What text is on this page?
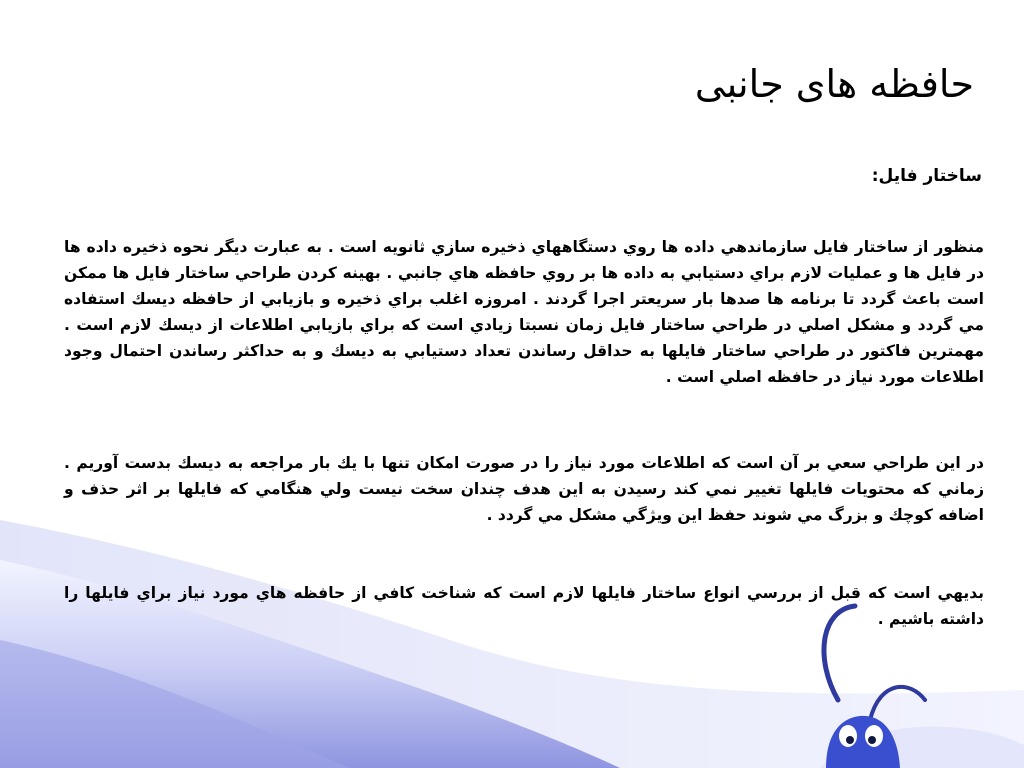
حافظه های جانبی
ساختار فایل:

منظور از ساختار فایل سازماندهي داده ها روي دستگاههاي ذخيره سازي ثانويه است . به عبارت ديگر نحوه ذخيره داده ها در فايل ها و عمليات لازم براي دستيابي به داده ها بر روي حافظه هاي جانبي . بهينه كردن طراحي ساختار فايل ها ممكن است باعث گردد تا برنامه ها صدها بار سريعتر اجرا گردند . امروزه اغلب براي ذخيره و بازيابي از حافظه ديسك استفاده مي گردد و مشكل اصلي در طراحي ساختار فايل زمان نسبتا زيادي است كه براي بازيابي اطلاعات از ديسك لازم است . مهمترين فاكتور در طراحي ساختار فايلها به حداقل رساندن تعداد دستيابي به ديسك و به حداكثر رساندن احتمال وجود اطلاعات مورد نياز در حافظه اصلي است .

در اين طراحي سعي بر آن است كه اطلاعات مورد نياز را در صورت امكان تنها با يك بار مراجعه به ديسك بدست آوريم . زماني كه محتويات فايلها تغيير نمي كند رسيدن به اين هدف چندان سخت نيست ولي هنگامي كه فايلها بر اثر حذف و اضافه كوچك و بزرگ مي شوند حفظ اين ويژگي مشكل مي گردد .

بديهي است كه قبل از بررسي انواع ساختار فايلها لازم است كه شناخت كافي از حافظه هاي مورد نياز براي فايلها را داشته باشيم .
